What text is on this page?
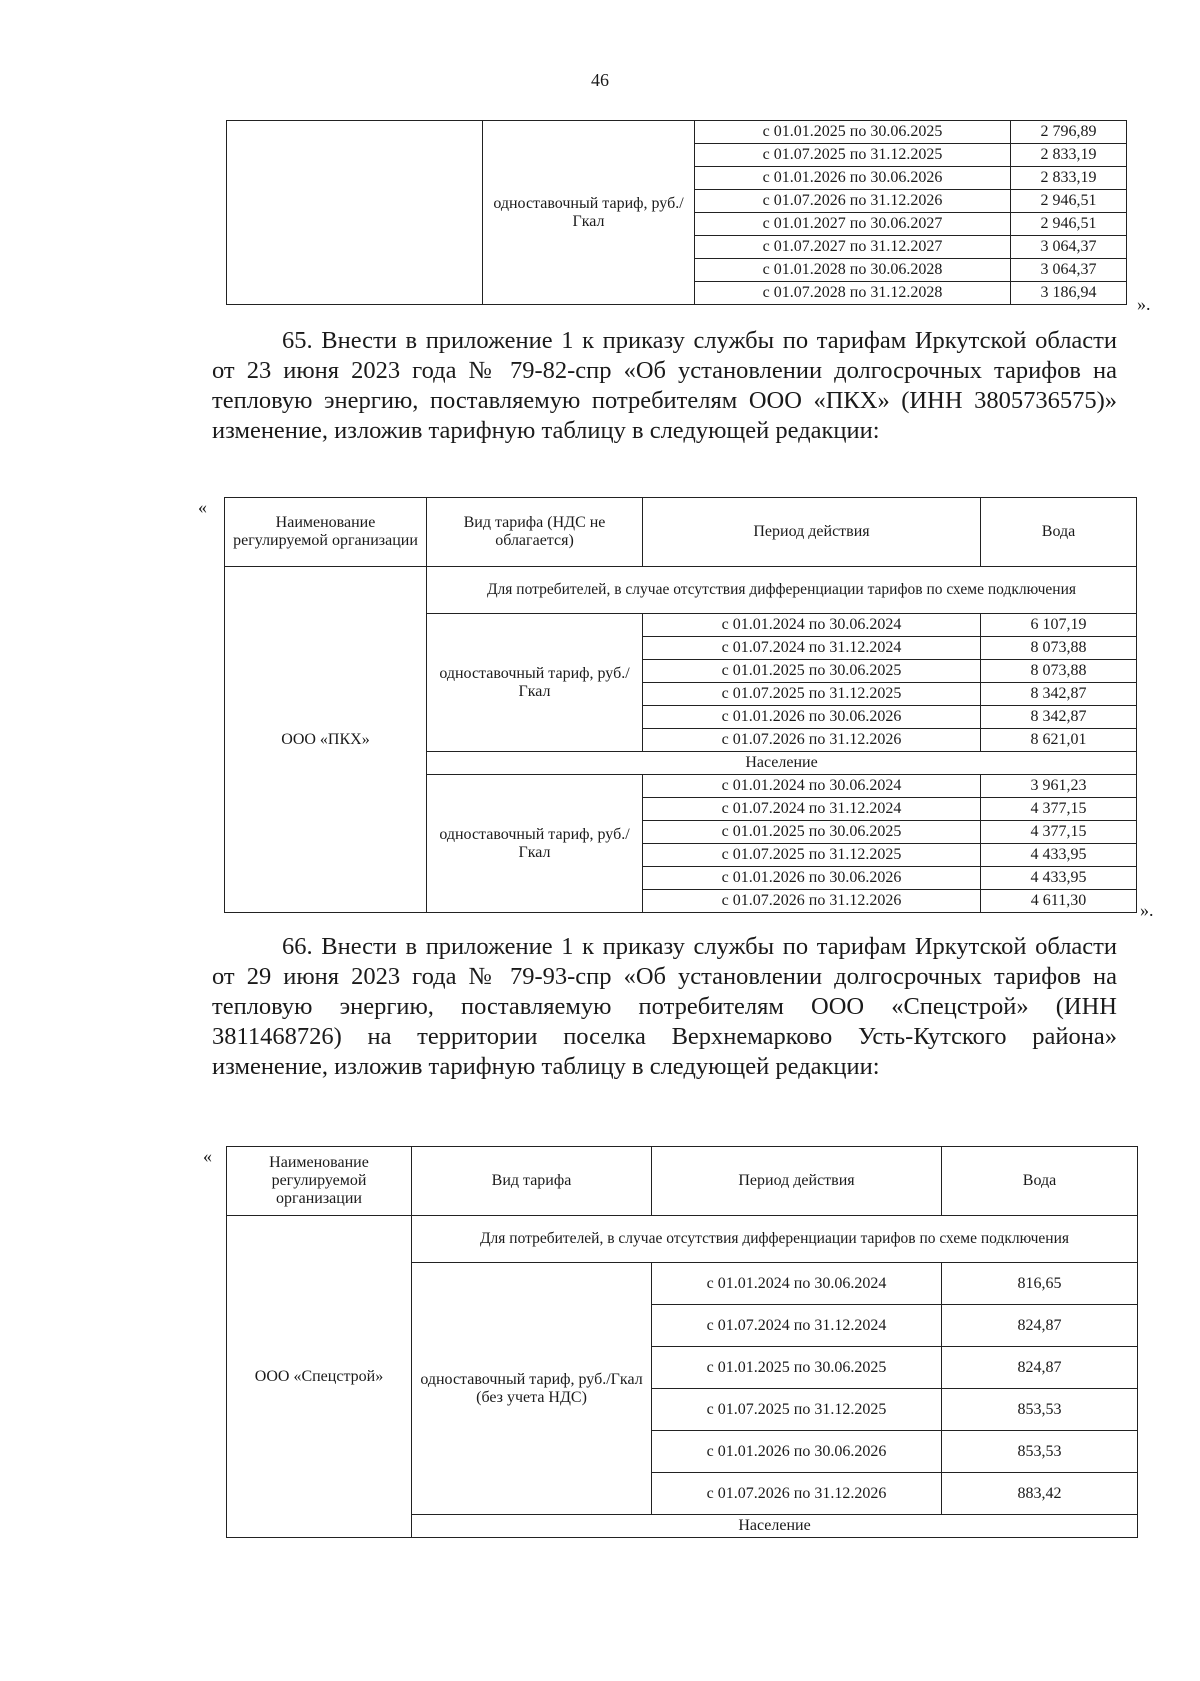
46
	одноставочный тариф, руб./Гкал	с 01.01.2025 по 30.06.2025	2 796,89
		с 01.07.2025 по 31.12.2025	2 833,19
		с 01.01.2026 по 30.06.2026	2 833,19
		с 01.07.2026 по 31.12.2026	2 946,51
		с 01.01.2027 по 30.06.2027	2 946,51
		с 01.07.2027 по 31.12.2027	3 064,37
		с 01.01.2028 по 30.06.2028	3 064,37
		с 01.07.2028 по 31.12.2028	3 186,94
».

65. Внести в приложение 1 к приказу службы по тарифам Иркутской области от 23 июня 2023 года № 79-82-спр «Об установлении долгосрочных тарифов на тепловую энергию, поставляемую потребителям ООО «ПКХ» (ИНН 3805736575)» изменение, изложив тарифную таблицу в следующей редакции:

«
Наименование регулируемой организации	Вид тарифа (НДС не облагается)	Период действия	Вода
ООО «ПКХ»	Для потребителей, в случае отсутствия дифференциации тарифов по схеме подключения		
	одноставочный тариф, руб./Гкал	с 01.01.2024 по 30.06.2024	6 107,19
		с 01.07.2024 по 31.12.2024	8 073,88
		с 01.01.2025 по 30.06.2025	8 073,88
		с 01.07.2025 по 31.12.2025	8 342,87
		с 01.01.2026 по 30.06.2026	8 342,87
		с 01.07.2026 по 31.12.2026	8 621,01
	Население		
	одноставочный тариф, руб./Гкал	с 01.01.2024 по 30.06.2024	3 961,23
		с 01.07.2024 по 31.12.2024	4 377,15
		с 01.01.2025 по 30.06.2025	4 377,15
		с 01.07.2025 по 31.12.2025	4 433,95
		с 01.01.2026 по 30.06.2026	4 433,95
		с 01.07.2026 по 31.12.2026	4 611,30	».

66. Внести в приложение 1 к приказу службы по тарифам Иркутской области от 29 июня 2023 года № 79-93-спр «Об установлении долгосрочных тарифов на тепловую энергию, поставляемую потребителям ООО «Спецстрой» (ИНН 3811468726) на территории поселка Верхнемарково Усть-Кутского района» изменение, изложив тарифную таблицу в следующей редакции:

«	Наименование регулируемой организации	Вид тарифа	Период действия	Вода
ООО «Спецстрой»	Для потребителей, в случае отсутствия дифференциации тарифов по схеме подключения		
	одноставочный тариф, руб./Гкал (без учета НДС)	с 01.01.2024 по 30.06.2024	816,65
		с 01.07.2024 по 31.12.2024	824,87
		с 01.01.2025 по 30.06.2025	824,87
		с 01.07.2025 по 31.12.2025	853,53
		с 01.01.2026 по 30.06.2026	853,53
		с 01.07.2026 по 31.12.2026	883,42
	Население		
